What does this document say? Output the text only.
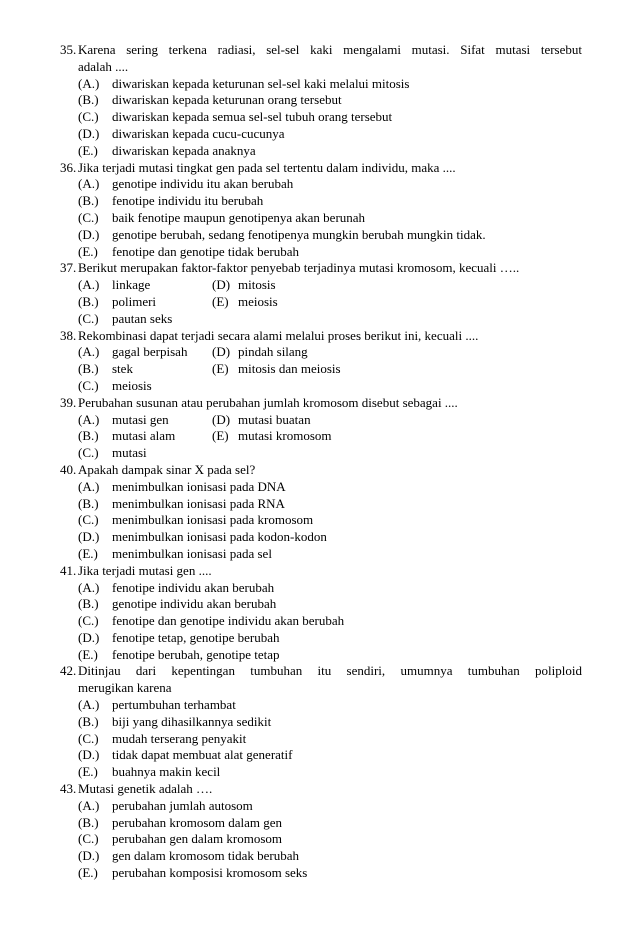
35. Karena sering terkena radiasi, sel-sel kaki mengalami mutasi. Sifat mutasi tersebut
adalah ....
(A.) diwariskan kepada keturunan sel-sel kaki melalui mitosis
(B.) diwariskan kepada keturunan orang tersebut
(C.) diwariskan kepada semua sel-sel tubuh orang tersebut
(D.) diwariskan kepada cucu-cucunya
(E.) diwariskan kepada anaknya
36. Jika terjadi mutasi tingkat gen pada sel tertentu dalam individu, maka ....
(A.) genotipe individu itu akan berubah
(B.) fenotipe individu itu berubah
(C.) baik fenotipe maupun genotipenya akan berunah
(D.) genotipe berubah, sedang fenotipenya mungkin berubah mungkin tidak.
(E.) fenotipe dan genotipe tidak berubah
37. Berikut merupakan faktor-faktor penyebab terjadinya mutasi kromosom, kecuali …..
(A.) linkage	(D) mitosis
(B.) polimeri	(E) meiosis
(C.) pautan seks
38. Rekombinasi dapat terjadi secara alami melalui proses berikut ini, kecuali ....
(A.) gagal berpisah (D) pindah silang
(B.) stek	(E) mitosis dan meiosis
(C.) meiosis
39. Perubahan susunan atau perubahan jumlah kromosom disebut sebagai ....
(A.) mutasi gen	(D) mutasi buatan
(B.) mutasi alam	(E) mutasi kromosom
(C.) mutasi
40. Apakah dampak sinar X pada sel?
(A.) menimbulkan ionisasi pada DNA
(B.) menimbulkan ionisasi pada RNA
(C.) menimbulkan ionisasi pada kromosom
(D.) menimbulkan ionisasi pada kodon-kodon
(E.) menimbulkan ionisasi pada sel
41. Jika terjadi mutasi gen ....
(A.) fenotipe individu akan berubah
(B.) genotipe individu akan berubah
(C.) fenotipe dan genotipe individu akan berubah
(D.) fenotipe tetap, genotipe berubah
(E.) fenotipe berubah, genotipe tetap
42. Ditinjau dari kepentingan tumbuhan itu sendiri, umumnya tumbuhan poliploid
merugikan karena
(A.) pertumbuhan terhambat
(B.) biji yang dihasilkannya sedikit
(C.) mudah terserang penyakit
(D.) tidak dapat membuat alat generatif
(E.) buahnya makin kecil
43. Mutasi genetik adalah ….
(A.) perubahan jumlah autosom
(B.) perubahan kromosom dalam gen
(C.) perubahan gen dalam kromosom
(D.) gen dalam kromosom tidak berubah
(E.) perubahan komposisi kromosom seks
